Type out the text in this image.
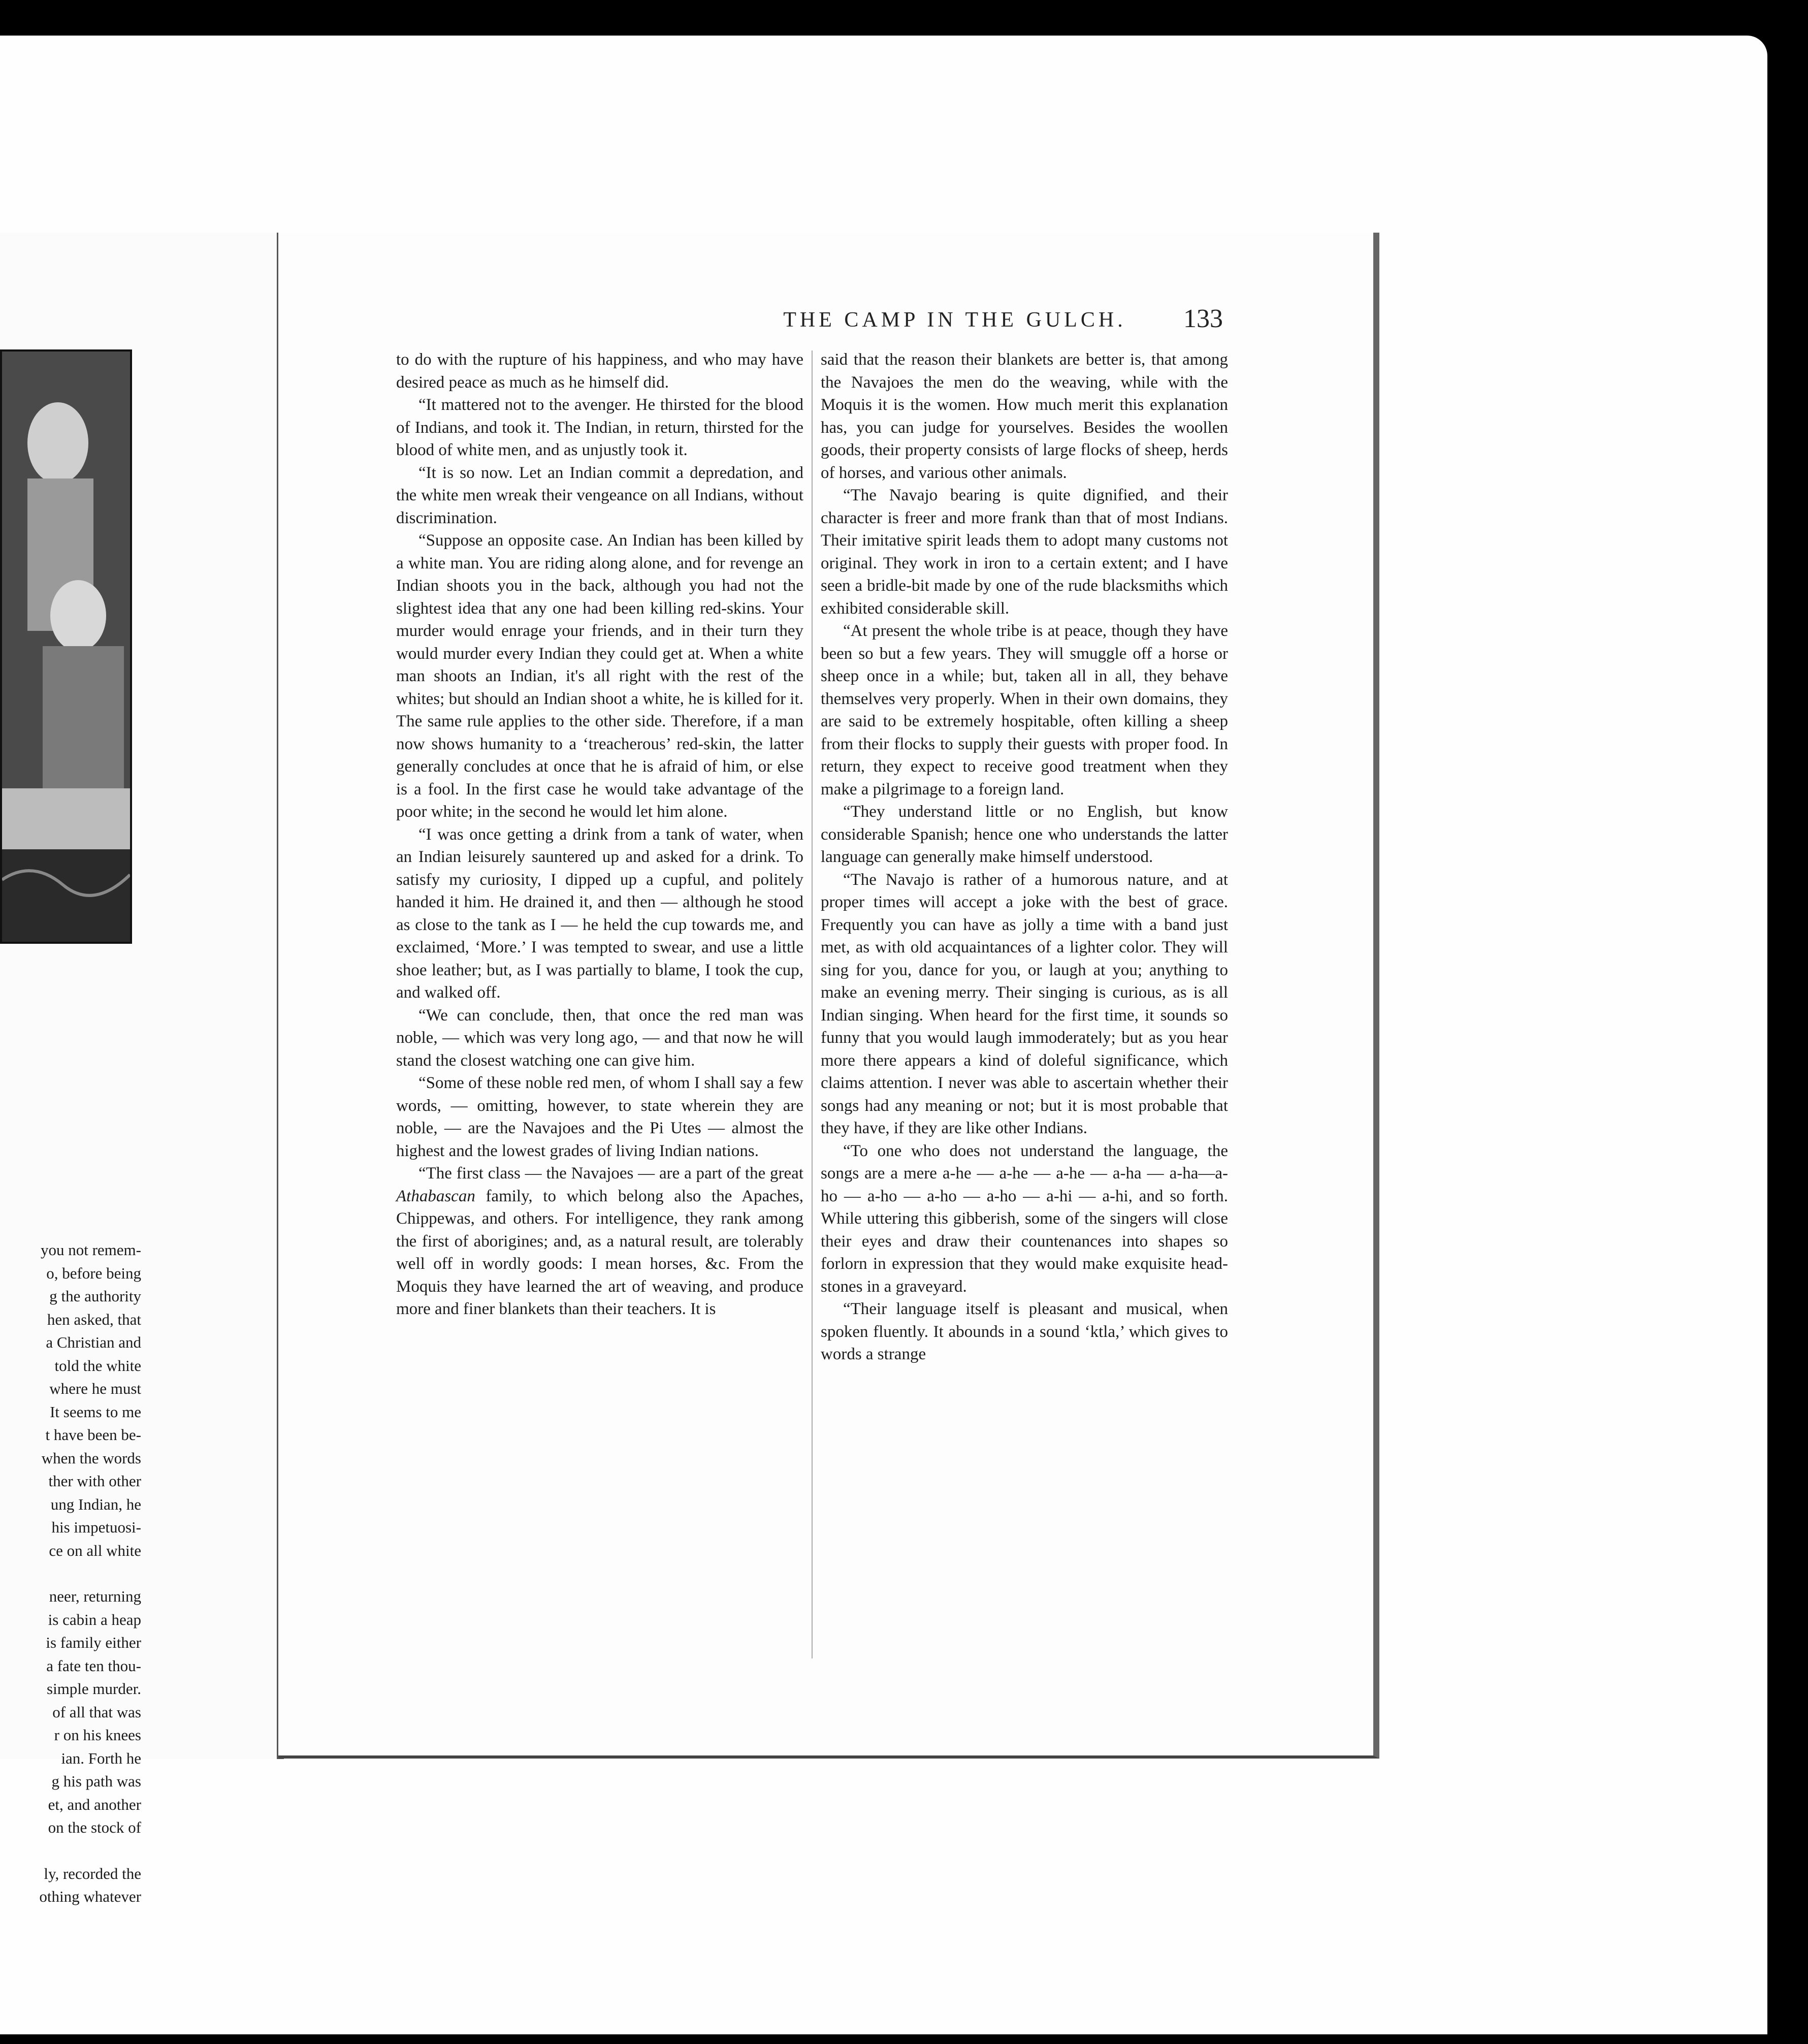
you not remem-
o, before being
g the authority
hen asked, that
a Christian and
told the white
where he must
It seems to me
t have been be-
when the words
ther with other
ung Indian, he
his impetuosi-
ce on all white
neer, returning
is cabin a heap
is family either
a fate ten thou-
simple murder.
of all that was
r on his knees
ian. Forth he
g his path was
et, and another
on the stock of
ly, recorded the
othing whatever
THE CAMP IN THE GULCH.	133

to do with the rupture of his happiness, and who may have desired peace as much as he himself did.

“It mattered not to the avenger. He thirsted for the blood of Indians, and took it. The Indian, in return, thirsted for the blood of white men, and as unjustly took it.

“It is so now. Let an Indian commit a depredation, and the white men wreak their vengeance on all Indians, without discrimination.

“Suppose an opposite case. An Indian has been killed by a white man. You are riding along alone, and for revenge an Indian shoots you in the back, although you had not the slightest idea that any one had been killing red-skins. Your murder would enrage your friends, and in their turn they would murder every Indian they could get at. When a white man shoots an Indian, it's all right with the rest of the whites; but should an Indian shoot a white, he is killed for it. The same rule applies to the other side. Therefore, if a man now shows humanity to a ‘treacherous’ red-skin, the latter generally concludes at once that he is afraid of him, or else is a fool. In the first case he would take advantage of the poor white; in the second he would let him alone.

“I was once getting a drink from a tank of water, when an Indian leisurely sauntered up and asked for a drink. To satisfy my curiosity, I dipped up a cupful, and politely handed it him. He drained it, and then — although he stood as close to the tank as I — he held the cup towards me, and exclaimed, ‘More.’ I was tempted to swear, and use a little shoe leather; but, as I was partially to blame, I took the cup, and walked off.

“We can conclude, then, that once the red man was noble, — which was very long ago, — and that now he will stand the closest watching one can give him.

“Some of these noble red men, of whom I shall say a few words, — omitting, however, to state wherein they are noble, — are the Navajoes and the Pi Utes — almost the highest and the lowest grades of living Indian nations.

“The first class — the Navajoes — are a part of the great Athabascan family, to which belong also the Apaches, Chippewas, and others. For intelligence, they rank among the first of aborigines; and, as a natural result, are tolerably well off in wordly goods: I mean horses, &c. From the Moquis they have learned the art of weaving, and produce more and finer blankets than their teachers. It is

said that the reason their blankets are better is, that among the Navajoes the men do the weaving, while with the Moquis it is the women. How much merit this explanation has, you can judge for yourselves. Besides the woollen goods, their property consists of large flocks of sheep, herds of horses, and various other animals.

“The Navajo bearing is quite dignified, and their character is freer and more frank than that of most Indians. Their imitative spirit leads them to adopt many customs not original. They work in iron to a certain extent; and I have seen a bridle-bit made by one of the rude blacksmiths which exhibited considerable skill.

“At present the whole tribe is at peace, though they have been so but a few years. They will smuggle off a horse or sheep once in a while; but, taken all in all, they behave themselves very properly. When in their own domains, they are said to be extremely hospitable, often killing a sheep from their flocks to supply their guests with proper food. In return, they expect to receive good treatment when they make a pilgrimage to a foreign land.

“They understand little or no English, but know considerable Spanish; hence one who understands the latter language can generally make himself understood.

“The Navajo is rather of a humorous nature, and at proper times will accept a joke with the best of grace. Frequently you can have as jolly a time with a band just met, as with old acquaintances of a lighter color. They will sing for you, dance for you, or laugh at you; anything to make an evening merry. Their singing is curious, as is all Indian singing. When heard for the first time, it sounds so funny that you would laugh immoderately; but as you hear more there appears a kind of doleful significance, which claims attention. I never was able to ascertain whether their songs had any meaning or not; but it is most probable that they have, if they are like other Indians.

“To one who does not understand the language, the songs are a mere a-he — a-he — a-he — a-ha — a-ha—a-ho — a-ho — a-ho — a-ho — a-hi — a-hi, and so forth. While uttering this gibberish, some of the singers will close their eyes and draw their countenances into shapes so forlorn in expression that they would make exquisite head-stones in a graveyard.

“Their language itself is pleasant and musical, when spoken fluently. It abounds in a sound ‘ktla,’ which gives to words a strange
